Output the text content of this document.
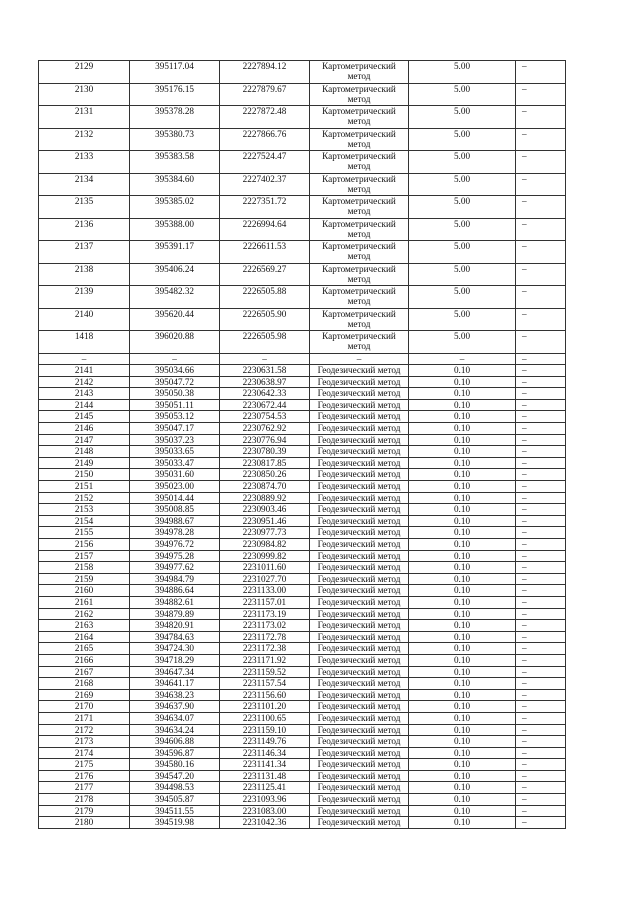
2129	395117.04	2227894.12	Картометрический метод	5.00	–
2130	395176.15	2227879.67	Картометрический метод	5.00	–
2131	395378.28	2227872.48	Картометрический метод	5.00	–
2132	395380.73	2227866.76	Картометрический метод	5.00	–
2133	395383.58	2227524.47	Картометрический метод	5.00	–
2134	395384.60	2227402.37	Картометрический метод	5.00	–
2135	395385.02	2227351.72	Картометрический метод	5.00	–
2136	395388.00	2226994.64	Картометрический метод	5.00	–
2137	395391.17	2226611.53	Картометрический метод	5.00	–
2138	395406.24	2226569.27	Картометрический метод	5.00	–
2139	395482.32	2226505.88	Картометрический метод	5.00	–
2140	395620.44	2226505.90	Картометрический метод	5.00	–
1418	396020.88	2226505.98	Картометрический метод	5.00	–
–	–	–	–	–	–
2141	395034.66	2230631.58	Геодезический метод	0.10	–
2142	395047.72	2230638.97	Геодезический метод	0.10	–
2143	395050.38	2230642.33	Геодезический метод	0.10	–
2144	395051.11	2230672.44	Геодезический метод	0.10	–
2145	395053.12	2230754.53	Геодезический метод	0.10	–
2146	395047.17	2230762.92	Геодезический метод	0.10	–
2147	395037.23	2230776.94	Геодезический метод	0.10	–
2148	395033.65	2230780.39	Геодезический метод	0.10	–
2149	395033.47	2230817.85	Геодезический метод	0.10	–
2150	395031.60	2230850.26	Геодезический метод	0.10	–
2151	395023.00	2230874.70	Геодезический метод	0.10	–
2152	395014.44	2230889.92	Геодезический метод	0.10	–
2153	395008.85	2230903.46	Геодезический метод	0.10	–
2154	394988.67	2230951.46	Геодезический метод	0.10	–
2155	394978.28	2230977.73	Геодезический метод	0.10	–
2156	394976.72	2230984.82	Геодезический метод	0.10	–
2157	394975.28	2230999.82	Геодезический метод	0.10	–
2158	394977.62	2231011.60	Геодезический метод	0.10	–
2159	394984.79	2231027.70	Геодезический метод	0.10	–
2160	394886.64	2231133.00	Геодезический метод	0.10	–
2161	394882.61	2231157.01	Геодезический метод	0.10	–
2162	394879.89	2231173.19	Геодезический метод	0.10	–
2163	394820.91	2231173.02	Геодезический метод	0.10	–
2164	394784.63	2231172.78	Геодезический метод	0.10	–
2165	394724.30	2231172.38	Геодезический метод	0.10	–
2166	394718.29	2231171.92	Геодезический метод	0.10	–
2167	394647.34	2231159.52	Геодезический метод	0.10	–
2168	394641.17	2231157.54	Геодезический метод	0.10	–
2169	394638.23	2231156.60	Геодезический метод	0.10	–
2170	394637.90	2231101.20	Геодезический метод	0.10	–
2171	394634.07	2231100.65	Геодезический метод	0.10	–
2172	394634.24	2231159.10	Геодезический метод	0.10	–
2173	394606.88	2231149.76	Геодезический метод	0.10	–
2174	394596.87	2231146.34	Геодезический метод	0.10	–
2175	394580.16	2231141.34	Геодезический метод	0.10	–
2176	394547.20	2231131.48	Геодезический метод	0.10	–
2177	394498.53	2231125.41	Геодезический метод	0.10	–
2178	394505.87	2231093.96	Геодезический метод	0.10	–
2179	394511.55	2231083.00	Геодезический метод	0.10	–
2180	394519.98	2231042.36	Геодезический метод	0.10	–
